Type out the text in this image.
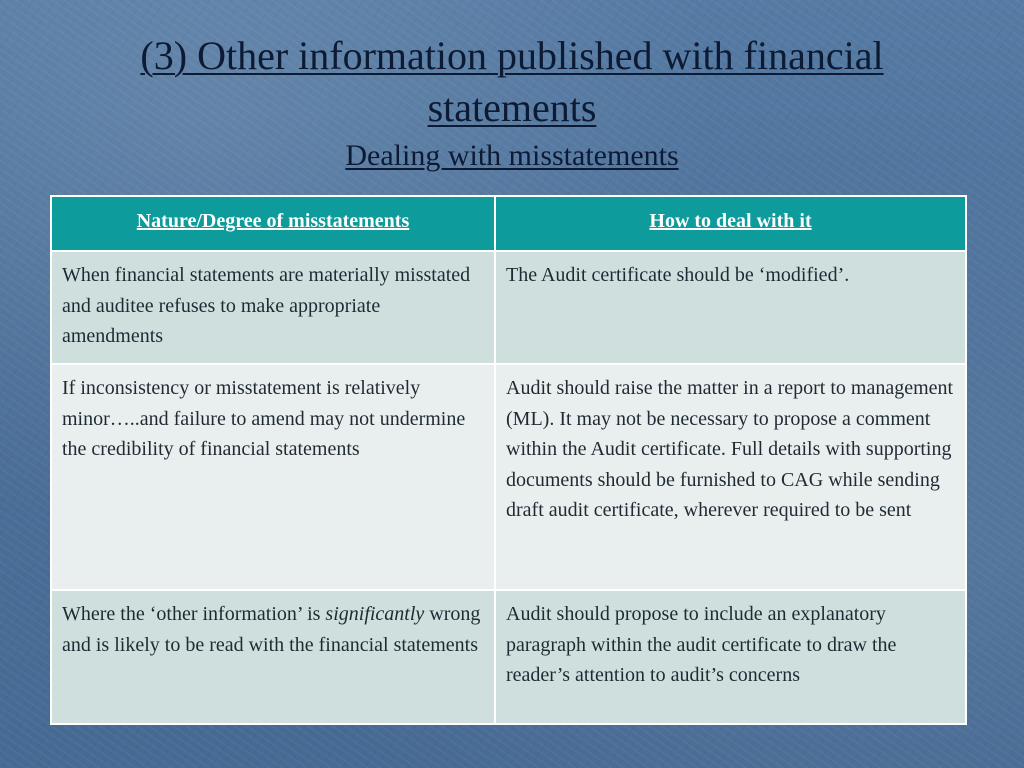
(3) Other information published with financial
statements
Dealing with misstatements
Nature/Degree of misstatements	How to deal with it
When financial statements are materially misstated and auditee refuses to make appropriate amendments	The Audit certificate should be ‘modified’.
If inconsistency or misstatement is relatively minor…..and failure to amend may not undermine the credibility of financial statements	Audit should raise the matter in a report to management (ML). It may not be necessary to propose a comment within the Audit certificate. Full details with supporting documents should be furnished to CAG while sending draft audit certificate, wherever required to be sent
Where the ‘other information’ is significantly wrong and is likely to be read with the financial statements	Audit should propose to include an explanatory paragraph within the audit certificate to draw the reader’s attention to audit’s concerns
